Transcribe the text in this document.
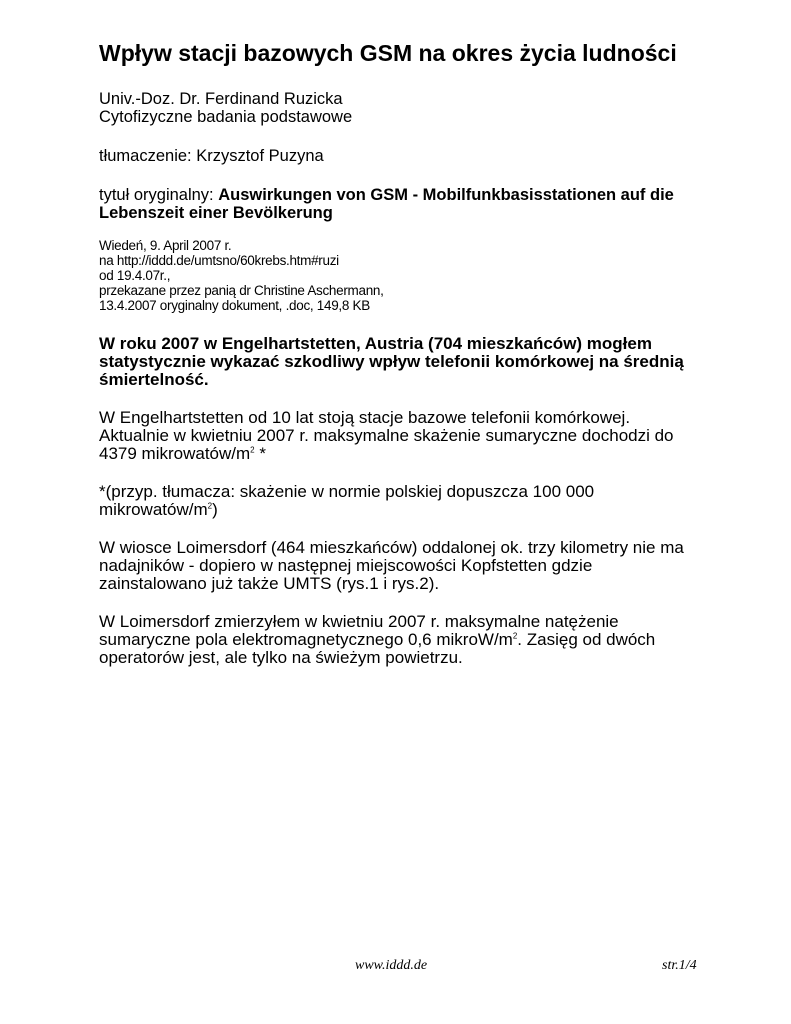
Wpływ stacji bazowych GSM na okres życia ludności

Univ.-Doz. Dr. Ferdinand Ruzicka

Cytofizyczne badania podstawowe

tłumaczenie: Krzysztof Puzyna

tytuł oryginalny: Auswirkungen von GSM - Mobilfunkbasisstationen auf die Lebenszeit einer Bevölkerung

Wiedeń, 9. April 2007 r.
na http://iddd.de/umtsno/60krebs.htm#ruzi
od 19.4.07r.,
przekazane przez panią dr Christine Aschermann,
13.4.2007 oryginalny dokument, .doc, 149,8 KB

W roku 2007 w Engelhartstetten, Austria (704 mieszkańców) mogłem statystycznie wykazać szkodliwy wpływ telefonii komórkowej na średnią śmiertelność.

W Engelhartstetten od 10 lat stoją stacje bazowe telefonii komórkowej. Aktualnie w kwietniu 2007 r. maksymalne skażenie sumaryczne dochodzi do 4379 mikrowatów/$m^2$ *

*(przyp. tłumacza: skażenie w normie polskiej dopuszcza 100 000 mikrowatów/$m^2$)

W wiosce Loimersdorf (464 mieszkańców) oddalonej ok. trzy kilometry nie ma nadajników - dopiero w następnej miejscowości Kopfstetten gdzie zainstalowano już także UMTS (rys.1 i rys.2).

W Loimersdorf zmierzyłem w kwietniu 2007 r. maksymalne natężenie sumaryczne pola elektromagnetycznego 0,6 mikroW/$m^2$. Zasięg od dwóch operatorów jest, ale tylko na świeżym powietrzu.

www.iddd.de	str.1/4
